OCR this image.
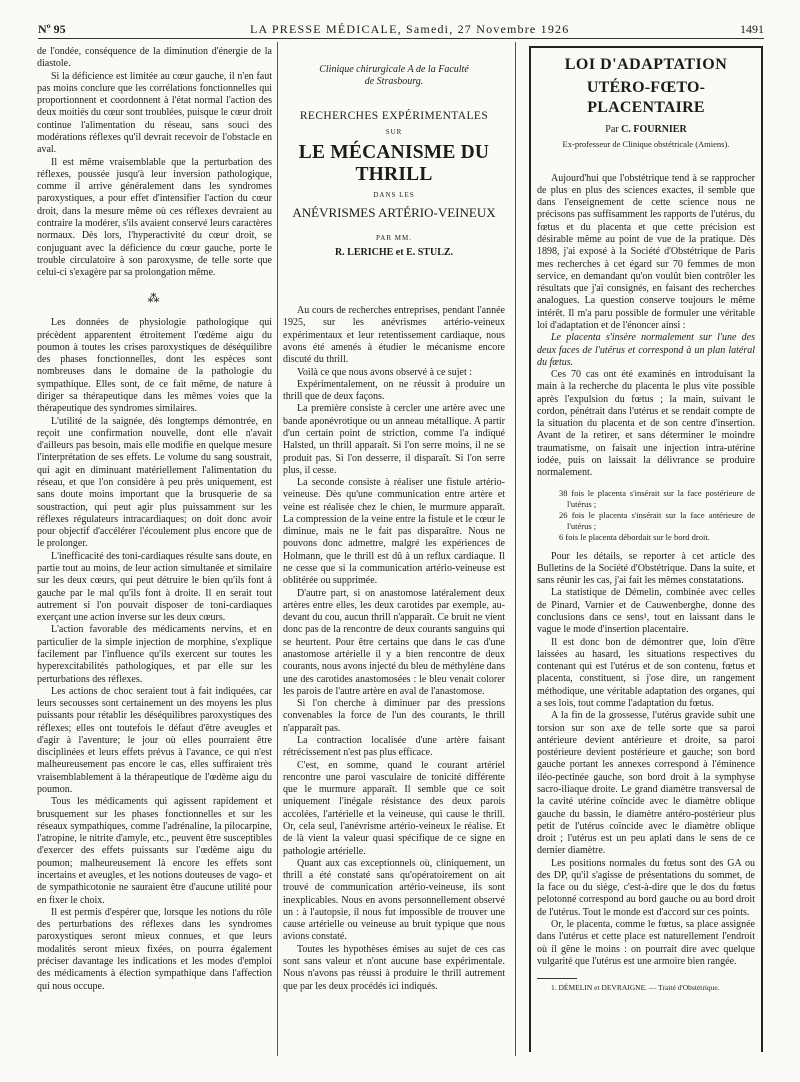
Nº 95	LA PRESSE MÉDICALE, Samedi, 27 Novembre 1926	1491

de l'ondée, conséquence de la diminution d'énergie de la diastole.

Si la déficience est limitée au cœur gauche, il n'en faut pas moins conclure que les corrélations fonctionnelles qui proportionnent et coordonnent à l'état normal l'action des deux moitiés du cœur sont troublées, puisque le cœur droit continue l'alimentation du réseau, sans souci des modérations réflexes qu'il devrait recevoir de l'obstacle en aval.

Il est même vraisemblable que la perturbation des réflexes, poussée jusqu'à leur inversion pathologique, comme il arrive généralement dans les syndromes paroxystiques, a pour effet d'intensifier l'action du cœur droit, dans la mesure même où ces réflexes devraient au contraire la modérer, s'ils avaient conservé leurs caractères normaux. Dès lors, l'hyperactivité du cœur droit, se conjuguant avec la déficience du cœur gauche, porte le trouble circulatoire à son paroxysme, de telle sorte que celui-ci s'exagère par sa prolongation même.

⁂

Les données de physiologie pathologique qui précèdent apparentent étroitement l'œdème aigu du poumon à toutes les crises paroxystiques de déséquilibre des phases fonctionnelles, dont les espèces sont nombreuses dans le domaine de la pathologie du sympathique. Elles sont, de ce fait même, de nature à diriger sa thérapeutique dans les mêmes voies que la thérapeutique des syndromes similaires.

L'utilité de la saignée, dès longtemps démontrée, en reçoit une confirmation nouvelle, dont elle n'avait d'ailleurs pas besoin, mais elle modifie en quelque mesure l'interprétation de ses effets. Le volume du sang soustrait, qui agit en diminuant matériellement l'alimentation du réseau, et que l'on considère à peu près uniquement, est sans doute moins important que la brusquerie de sa soustraction, qui peut agir plus puissamment sur les réflexes régulateurs intracardiaques; on doit donc avoir pour objectif d'accélérer l'écoulement plus encore que de le prolonger.

L'inefficacité des toni-cardiaques résulte sans doute, en partie tout au moins, de leur action simultanée et similaire sur les deux cœurs, qui peut détruire le bien qu'ils font à gauche par le mal qu'ils font à droite. Il en serait tout autrement si l'on pouvait disposer de toni-cardiaques exerçant une action inverse sur les deux cœurs.

L'action favorable des médicaments nervins, et en particulier de la simple injection de morphine, s'explique facilement par l'influence qu'ils exercent sur toutes les hyperexcitabilités pathologiques, et par elle sur les perturbations des réflexes.

Les actions de choc seraient tout à fait indiquées, car leurs secousses sont certainement un des moyens les plus puissants pour rétablir les déséquilibres paroxystiques des réflexes; elles ont toutefois le défaut d'être aveugles et d'agir à l'aventure; le jour où elles pourraient être disciplinées et leurs effets prévus à l'avance, ce qui n'est malheureusement pas encore le cas, elles suffiraient très vraisemblablement à la thérapeutique de l'œdème aigu du poumon.

Tous les médicaments qui agissent rapidement et brusquement sur les phases fonctionnelles et sur les réseaux sympathiques, comme l'adrénaline, la pilocarpine, l'atropine, le nitrite d'amyle, etc., peuvent être susceptibles d'exercer des effets puissants sur l'œdème aigu du poumon; malheureusement là encore les effets sont incertains et aveugles, et les notions douteuses de vago- et de sympathicotonie ne sauraient être d'aucune utilité pour en fixer le choix.

Il est permis d'espérer que, lorsque les notions du rôle des perturbations des réflexes dans les syndromes paroxystiques seront mieux connues, et que leurs modalités seront mieux fixées, on pourra également préciser davantage les indications et les modes d'emploi des médicaments à élection sympathique dans l'affection qui nous occupe.

Clinique chirurgicale A de la Faculté
de Strasbourg.
RECHERCHES EXPÉRIMENTALES
SUR
LE MÉCANISME DU THRILL
DANS LES
ANÉVRISMES ARTÉRIO-VEINEUX
PAR MM.
R. LERICHE et E. STULZ.

Au cours de recherches entreprises, pendant l'année 1925, sur les anévrismes artério-veineux expérimentaux et leur retentissement cardiaque, nous avons été amenés à étudier le mécanisme encore discuté du thrill.

Voilà ce que nous avons observé à ce sujet :

Expérimentalement, on ne réussit à produire un thrill que de deux façons.

La première consiste à cercler une artère avec une bande aponévrotique ou un anneau métallique. A partir d'un certain point de striction, comme l'a indiqué Halsted, un thrill apparaît. Si l'on serre moins, il ne se produit pas. Si l'on desserre, il disparaît. Si l'on serre plus, il cesse.

La seconde consiste à réaliser une fistule artério-veineuse. Dès qu'une communication entre artère et veine est réalisée chez le chien, le murmure apparaît. La compression de la veine entre la fistule et le cœur le diminue, mais ne le fait pas disparaître. Nous ne pouvons donc admettre, malgré les expériences de Holmann, que le thrill est dû à un reflux cardiaque. Il ne cesse que si la communication artério-veineuse est oblitérée ou supprimée.

D'autre part, si on anastomose latéralement deux artères entre elles, les deux carotides par exemple, au-devant du cou, aucun thrill n'apparaît. Ce bruit ne vient donc pas de la rencontre de deux courants sanguins qui se heurtent. Pour être certains que dans le cas d'une anastomose artérielle il y a bien rencontre de deux courants, nous avons injecté du bleu de méthylène dans une des carotides anastomosées : le bleu venait colorer les parois de l'autre artère en aval de l'anastomose.

Si l'on cherche à diminuer par des pressions convenables la force de l'un des courants, le thrill n'apparaît pas.

La contraction localisée d'une artère faisant rétrécissement n'est pas plus efficace.

C'est, en somme, quand le courant artériel rencontre une paroi vasculaire de tonicité différente que le murmure apparaît. Il semble que ce soit uniquement l'inégale résistance des deux parois accolées, l'artérielle et la veineuse, qui cause le thrill. Or, cela seul, l'anévrisme artério-veineux le réalise. Et de là vient la valeur quasi spécifique de ce signe en pathologie artérielle.

Quant aux cas exceptionnels où, cliniquement, un thrill a été constaté sans qu'opératoirement on ait trouvé de communication artério-veineuse, ils sont inexplicables. Nous en avons personnellement observé un : à l'autopsie, il nous fut impossible de trouver une cause artérielle ou veineuse au bruit typique que nous avions constaté.

Toutes les hypothèses émises au sujet de ces cas sont sans valeur et n'ont aucune base expérimentale. Nous n'avons pas réussi à produire le thrill autrement que par les deux procédés ici indiqués.

LOI D'ADAPTATION
UTÉRO-FŒTO-PLACENTAIRE
Par C. FOURNIER
Ex-professeur de Clinique obstétricale (Amiens).

Aujourd'hui que l'obstétrique tend à se rapprocher de plus en plus des sciences exactes, il semble que dans l'enseignement de cette science nous ne précisons pas suffisamment les rapports de l'utérus, du fœtus et du placenta et que cette précision est désirable même au point de vue de la pratique. Dès 1898, j'ai exposé à la Société d'Obstétrique de Paris mes recherches à cet égard sur 70 femmes de mon service, en demandant qu'on voulût bien contrôler les résultats que j'ai consignés, en faisant des recherches analogues. La question conserve toujours le même intérêt. Il m'a paru possible de formuler une véritable loi d'adaptation et de l'énoncer ainsi :

Le placenta s'insère normalement sur l'une des deux faces de l'utérus et correspond à un plan latéral du fœtus.

Ces 70 cas ont été examinés en introduisant la main à la recherche du placenta le plus vite possible après l'expulsion du fœtus ; la main, suivant le cordon, pénétrait dans l'utérus et se rendait compte de la situation du placenta et de son centre d'insertion. Avant de la retirer, et sans déterminer le moindre traumatisme, on faisait une injection intra-utérine iodée, puis on laissait la délivrance se produire normalement.

38 fois le placenta s'insérait sur la face postérieure de l'utérus ;
26 fois le placenta s'insérait sur la face antérieure de l'utérus ;
6 fois le placenta débordait sur le bord droit.

Pour les détails, se reporter à cet article des Bulletins de la Société d'Obstétrique. Dans la suite, et sans réunir les cas, j'ai fait les mêmes constatations.

La statistique de Démelin, combinée avec celles de Pinard, Varnier et de Cauwenberghe, donne des conclusions dans ce sens¹, tout en laissant dans le vague le mode d'insertion placentaire.

Il est donc bon de démontrer que, loin d'être laissées au hasard, les situations respectives du contenant qui est l'utérus et de son contenu, fœtus et placenta, constituent, si j'ose dire, un rangement méthodique, une véritable adaptation des organes, qui a ses lois, tout comme l'adaptation du fœtus.

A la fin de la grossesse, l'utérus gravide subit une torsion sur son axe de telle sorte que sa paroi antérieure devient antérieure et droite, sa paroi postérieure devient postérieure et gauche; son bord gauche portant les annexes correspond à l'éminence iléo-pectinée gauche, son bord droit à la symphyse sacro-iliaque droite. Le grand diamètre transversal de la cavité utérine coïncide avec le diamètre oblique gauche du bassin, le diamètre antéro-postérieur plus petit de l'utérus coïncide avec le diamètre oblique droit ; l'utérus est un peu aplati dans le sens de ce dernier diamètre.

Les positions normales du fœtus sont des GA ou des DP, qu'il s'agisse de présentations du sommet, de la face ou du siège, c'est-à-dire que le dos du fœtus pelotonné correspond au bord gauche ou au bord droit de l'utérus. Tout le monde est d'accord sur ces points.

Or, le placenta, comme le fœtus, sa place assignée dans l'utérus et cette place est naturellement l'endroit où il gêne le moins : on pourrait dire avec quelque vulgarité que l'utérus est une armoire bien rangée.

1. DÉMELIN et DEVRAIGNE. — Traité d'Obstétrique.
